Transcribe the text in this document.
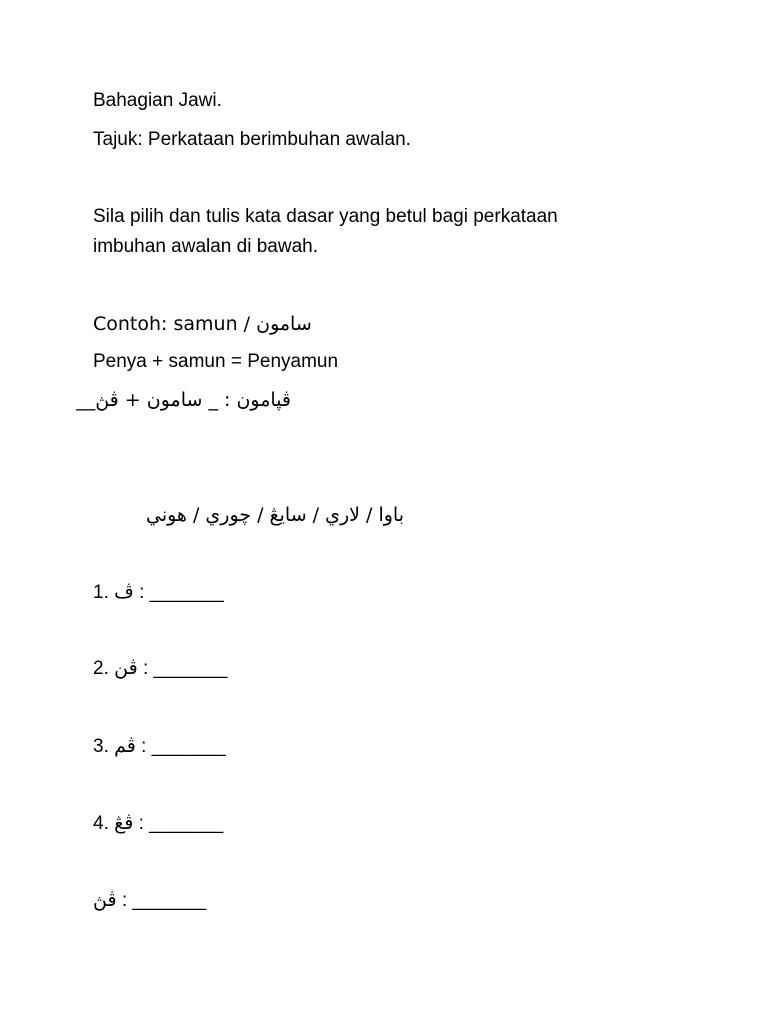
Bahagian Jawi.
Tajuk: Perkataan berimbuhan awalan.
Sila pilih dan tulis kata dasar yang betul bagi perkataan
imbuhan awalan di bawah.
Contoh: samun / سامون
Penya + samun = Penyamun
ڤڽامون : _ سامون + ڤڽ__
باوا / لاري / سايڠ / چوري / هوني
1. ڤ : _______
2. ڤن : _______
3. ڤم : _______
4. ڤڠ : _______
ڤڽ : _______
